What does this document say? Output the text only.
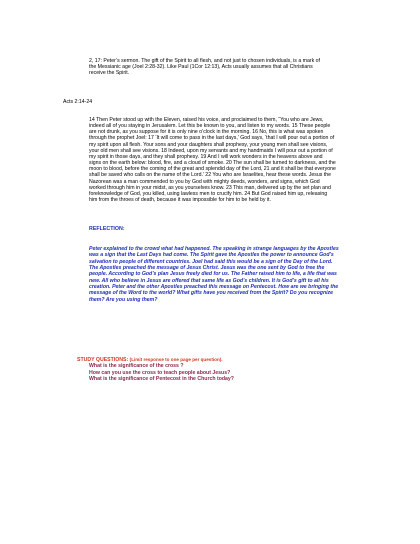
2, 17: Peter’s sermon. The gift of the Spirit to all flesh, and not just to chosen individuals, is a mark of the Messianic age (Joel 2:28-32). Like Paul (1Cor 12:13), Acts usually assumes that all Christians receive the Spirit.

Acts 2:14-24

14 Then Peter stood up with the Eleven, raised his voice, and proclaimed to them, “You who are Jews, indeed all of you staying in Jerusalem. Let this be known to you, and listen to my words. 15 These people are not drunk, as you suppose for it is only nine o’clock in the morning. 16 No, this is what was spoken through the prophet Joel: 17 ‘It will come to pass in the last days,’ God says, ‘that I will pour out a portion of my spirit upon all flesh. Your sons and your daughters shall prophesy, your young men shall see visions, your old men shall see visions. 18 Indeed, upon my servants and my handmaids I will pour out a portion of my spirit in those days, and they shall prophesy. 19 And I will work wonders in the heavens above and signs on the earth below: blood, fire, and a cloud of smoke. 20 The sun shall be turned to darkness, and the moon to blood, before the coming of the great and splendid day of the Lord, 21 and it shall be that everyone shall be saved who calls on the name of the Lord.’ 22 You who are Israelites, hear these words. Jesus the Nazorean was a man commended to you by God with mighty deeds, wonders, and signs, which God worked through him in your midst, as you yourselves know. 23 This man, delivered up by the set plan and foreknowledge of God, you killed, using lawless men to crucify him. 24 But God raised him up, releasing him from the throes of death, because it was impossible for him to be held by it.

REFLECTION:

Peter explained to the crowd what had happened. The speaking in strange languages by the Apostles was a sign that the Last Days had come. The Spirit gave the Apostles the power to announce God’s salvation to people of different countries. Joel had said this would be a sign of the Day of the Lord. The Apostles preached the message of Jesus Christ. Jesus was the one sent by God to free the people. According to God’s plan Jesus freely died for us. The Father raised him to life, a life that was new. All who believe in Jesus are offered that same life as God’s children. It is God’s gift to all his creation. Peter and the other Apostles preached this message on Pentecost. How are we bringing the message of the Word to the world? What gifts have you received from the Spirit? Do you recognize them? Are you using them?

STUDY QUESTIONS: (Limit response to one page per question).
What is the significance of the cross ?
How can you use the cross to teach people about Jesus?
What is the significance of Pentecost in the Church today?
